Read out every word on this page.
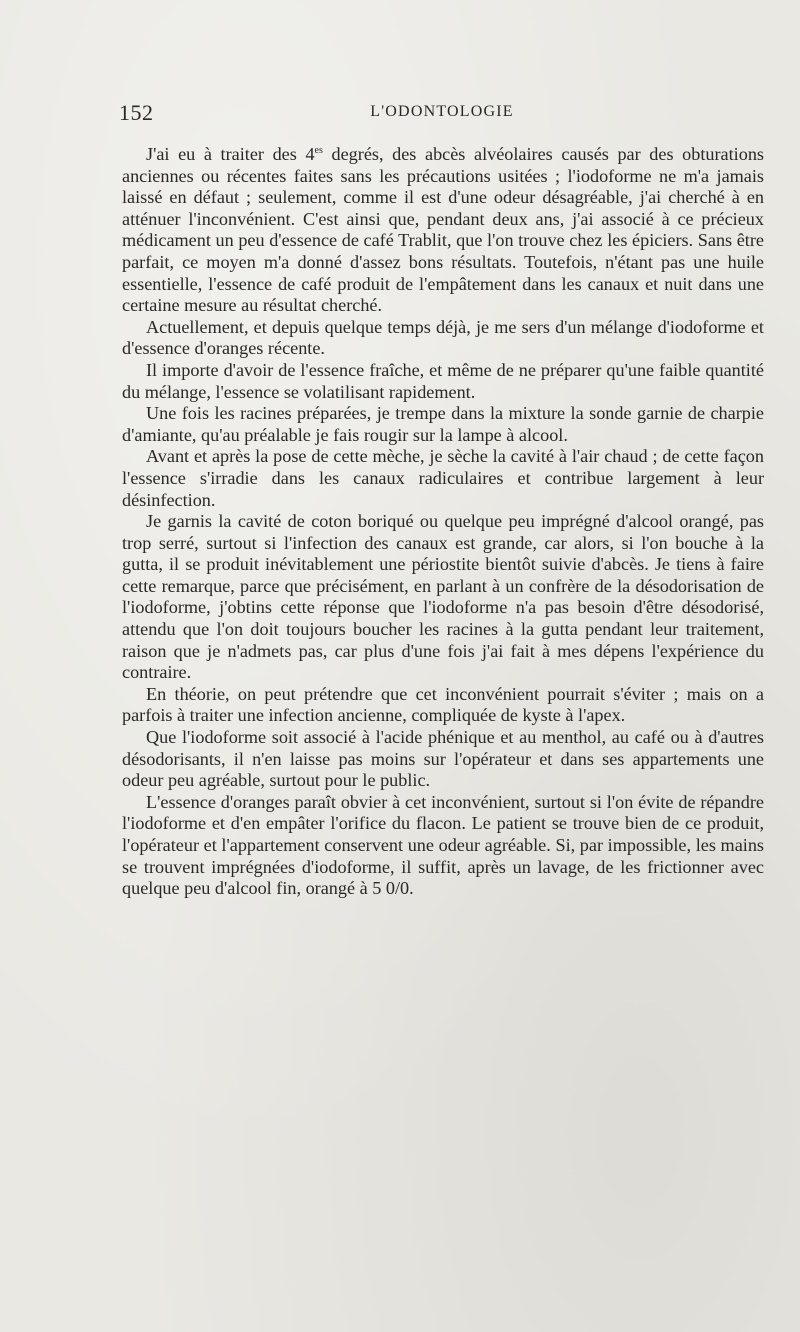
152	L'ODONTOLOGIE

J'ai eu à traiter des $4^{es}$ degrés, des abcès alvéolaires causés par des obturations anciennes ou récentes faites sans les précautions usitées ; l'iodoforme ne m'a jamais laissé en défaut ; seulement, comme il est d'une odeur désagréable, j'ai cherché à en atténuer l'inconvénient. C'est ainsi que, pendant deux ans, j'ai associé à ce précieux médicament un peu d'essence de café Trablit, que l'on trouve chez les épiciers. Sans être parfait, ce moyen m'a donné d'assez bons résultats. Toutefois, n'étant pas une huile essentielle, l'essence de café produit de l'empâtement dans les canaux et nuit dans une certaine mesure au résultat cherché.

Actuellement, et depuis quelque temps déjà, je me sers d'un mélange d'iodoforme et d'essence d'oranges récente.

Il importe d'avoir de l'essence fraîche, et même de ne préparer qu'une faible quantité du mélange, l'essence se volatilisant rapidement.

Une fois les racines préparées, je trempe dans la mixture la sonde garnie de charpie d'amiante, qu'au préalable je fais rougir sur la lampe à alcool.

Avant et après la pose de cette mèche, je sèche la cavité à l'air chaud ; de cette façon l'essence s'irradie dans les canaux radiculaires et contribue largement à leur désinfection.

Je garnis la cavité de coton boriqué ou quelque peu imprégné d'alcool orangé, pas trop serré, surtout si l'infection des canaux est grande, car alors, si l'on bouche à la gutta, il se produit inévitablement une périostite bientôt suivie d'abcès. Je tiens à faire cette remarque, parce que précisément, en parlant à un confrère de la désodorisation de l'iodoforme, j'obtins cette réponse que l'iodoforme n'a pas besoin d'être désodorisé, attendu que l'on doit toujours boucher les racines à la gutta pendant leur traitement, raison que je n'admets pas, car plus d'une fois j'ai fait à mes dépens l'expérience du contraire.

En théorie, on peut prétendre que cet inconvénient pourrait s'éviter ; mais on a parfois à traiter une infection ancienne, compliquée de kyste à l'apex.

Que l'iodoforme soit associé à l'acide phénique et au menthol, au café ou à d'autres désodorisants, il n'en laisse pas moins sur l'opérateur et dans ses appartements une odeur peu agréable, surtout pour le public.

L'essence d'oranges paraît obvier à cet inconvénient, surtout si l'on évite de répandre l'iodoforme et d'en empâter l'orifice du flacon. Le patient se trouve bien de ce produit, l'opérateur et l'appartement conservent une odeur agréable. Si, par impossible, les mains se trouvent imprégnées d'iodoforme, il suffit, après un lavage, de les frictionner avec quelque peu d'alcool fin, orangé à 5 0/0.
